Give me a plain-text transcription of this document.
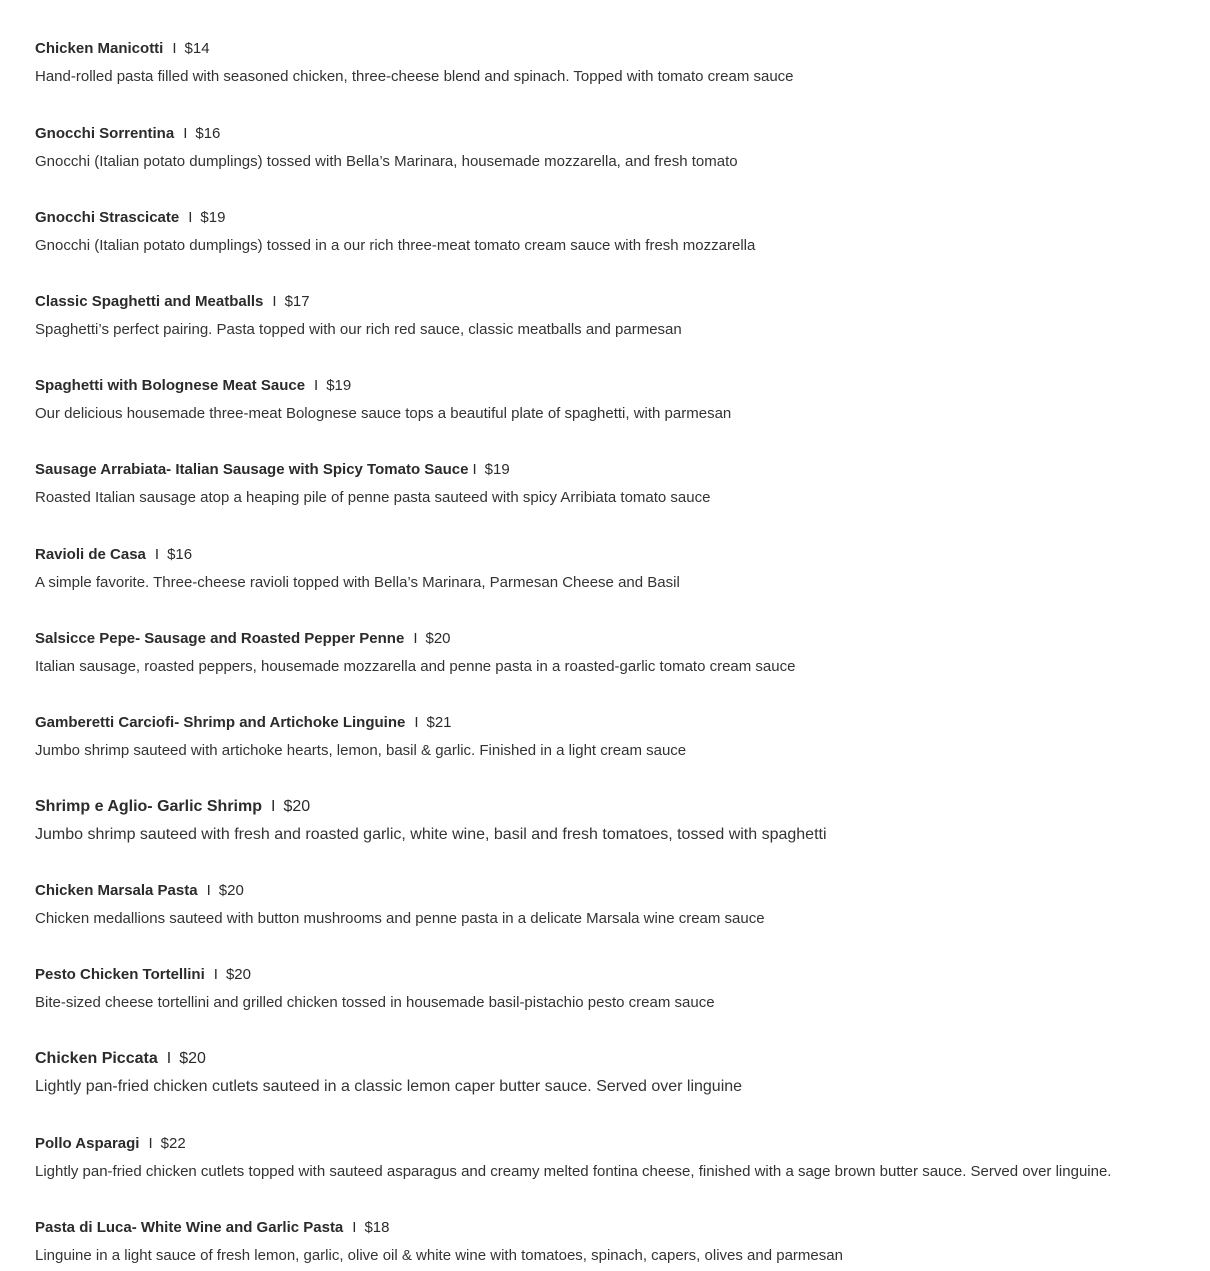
Chicken Manicotti I $14
Hand-rolled pasta filled with seasoned chicken, three-cheese blend and spinach. Topped with tomato cream sauce
Gnocchi Sorrentina I $16
Gnocchi (Italian potato dumplings) tossed with Bella’s Marinara, housemade mozzarella, and fresh tomato
Gnocchi Strascicate I $19
Gnocchi (Italian potato dumplings) tossed in a our rich three-meat tomato cream sauce with fresh mozzarella
Classic Spaghetti and Meatballs I $17
Spaghetti’s perfect pairing. Pasta topped with our rich red sauce, classic meatballs and parmesan
Spaghetti with Bolognese Meat Sauce I $19
Our delicious housemade three-meat Bolognese sauce tops a beautiful plate of spaghetti, with parmesan
Sausage Arrabiata- Italian Sausage with Spicy Tomato Sauce I $19
Roasted Italian sausage atop a heaping pile of penne pasta sauteed with spicy Arribiata tomato sauce
Ravioli de Casa I $16
A simple favorite. Three-cheese ravioli topped with Bella’s Marinara, Parmesan Cheese and Basil
Salsicce Pepe- Sausage and Roasted Pepper Penne I $20
Italian sausage, roasted peppers, housemade mozzarella and penne pasta in a roasted-garlic tomato cream sauce
Gamberetti Carciofi- Shrimp and Artichoke Linguine I $21
Jumbo shrimp sauteed with artichoke hearts, lemon, basil & garlic. Finished in a light cream sauce
Shrimp e Aglio- Garlic Shrimp I $20
Jumbo shrimp sauteed with fresh and roasted garlic, white wine, basil and fresh tomatoes, tossed with spaghetti
Chicken Marsala Pasta I $20
Chicken medallions sauteed with button mushrooms and penne pasta in a delicate Marsala wine cream sauce
Pesto Chicken Tortellini I $20
Bite-sized cheese tortellini and grilled chicken tossed in housemade basil-pistachio pesto cream sauce
Chicken Piccata I $20
Lightly pan-fried chicken cutlets sauteed in a classic lemon caper butter sauce. Served over linguine
Pollo Asparagi I $22
Lightly pan-fried chicken cutlets topped with sauteed asparagus and creamy melted fontina cheese, finished with a sage brown butter sauce. Served over linguine.
Pasta di Luca- White Wine and Garlic Pasta I $18
Linguine in a light sauce of fresh lemon, garlic, olive oil & white wine with tomatoes, spinach, capers, olives and parmesan
